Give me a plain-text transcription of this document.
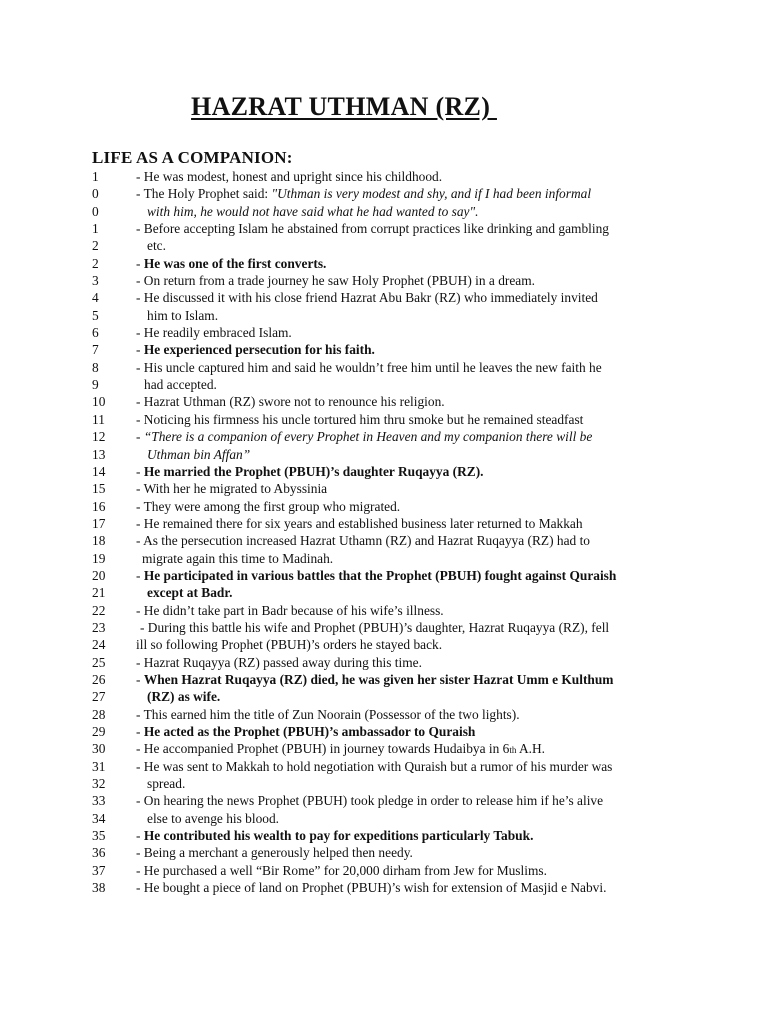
HAZRAT UTHMAN (RZ)
LIFE AS A COMPANION:
1	- He was modest, honest and upright since his childhood.
0	- The Holy Prophet said: "Uthman is very modest and shy, and if I had been informal
0	with him, he would not have said what he had wanted to say".
1	- Before accepting Islam he abstained from corrupt practices like drinking and gambling
2	etc.
2	- He was one of the first converts.
3	- On return from a trade journey he saw Holy Prophet (PBUH) in a dream.
4	- He discussed it with his close friend Hazrat Abu Bakr (RZ) who immediately invited
5	him to Islam.
6	- He readily embraced Islam.
7	- He experienced persecution for his faith.
8	- His uncle captured him and said he wouldn’t free him until he leaves the new faith he
9	had accepted.
10	- Hazrat Uthman (RZ) swore not to renounce his religion.
11	- Noticing his firmness his uncle tortured him thru smoke but he remained steadfast
12	- “There is a companion of every Prophet in Heaven and my companion there will be
13	Uthman bin Affan”
14	- He married the Prophet (PBUH)’s daughter Ruqayya (RZ).
15	- With her he migrated to Abyssinia
16	- They were among the first group who migrated.
17	- He remained there for six years and established business later returned to Makkah
18	- As the persecution increased Hazrat Uthamn (RZ) and Hazrat Ruqayya (RZ) had to
19	migrate again this time to Madinah.
20	- He participated in various battles that the Prophet (PBUH) fought against Quraish
21	except at Badr.
22	- He didn’t take part in Badr because of his wife’s illness.
23	- During this battle his wife and Prophet (PBUH)’s daughter, Hazrat Ruqayya (RZ), fell
24	ill so following Prophet (PBUH)’s orders he stayed back.
25	- Hazrat Ruqayya (RZ) passed away during this time.
26	- When Hazrat Ruqayya (RZ) died, he was given her sister Hazrat Umm e Kulthum
27	(RZ) as wife.
28	- This earned him the title of Zun Noorain (Possessor of the two lights).
29	- He acted as the Prophet (PBUH)’s ambassador to Quraish
30	- He accompanied Prophet (PBUH) in journey towards Hudaibya in 6th A.H.
31	- He was sent to Makkah to hold negotiation with Quraish but a rumor of his murder was
32	spread.
33	- On hearing the news Prophet (PBUH) took pledge in order to release him if he’s alive
34	else to avenge his blood.
35	- He contributed his wealth to pay for expeditions particularly Tabuk.
36	- Being a merchant a generously helped then needy.
37	- He purchased a well “Bir Rome” for 20,000 dirham from Jew for Muslims.
38	- He bought a piece of land on Prophet (PBUH)’s wish for extension of Masjid e Nabvi.
